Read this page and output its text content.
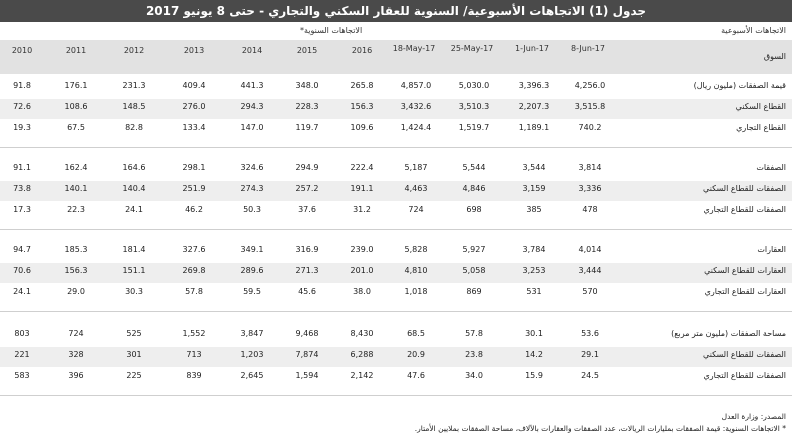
جدول (1) الاتجاهات الأسبوعية/ السنوية للعقار السكني والتجاري - حتى 8 يونيو 2017
الاتجاهات السنوية*	الاتجاهات الأسبوعية
السوق
2010	2011	2012	2013	2014	2015	2016	18-May-17 25-May-17	1-Jun-17	8-Jun-17
91.8	176.1	231.3	409.4	441.3	348.0	265.8	4,857.0	5,030.0	3,396.3	4,256.0	قيمة الصفقات (مليون ريال)
72.6	108.6	148.5	276.0	294.3	228.3	156.3	3,432.6	3,510.3	2,207.3	3,515.8	القطاع السكني
19.3	67.5	82.8	133.4	147.0	119.7	109.6	1,424.4	1,519.7	1,189.1	740.2	القطاع التجاري
91.1	162.4	164.6	298.1	324.6	294.9	222.4	5,187	5,544	3,544	3,814	الصفقات
73.8	140.1	140.4	251.9	274.3	257.2	191.1	4,463	4,846	3,159	3,336	الصفقات للقطاع السكني
17.3	22.3	24.1	46.2	50.3	37.6	31.2	724	698	385	478	الصفقات للقطاع التجاري
94.7	185.3	181.4	327.6	349.1	316.9	239.0	5,828	5,927	3,784	4,014	العقارات
70.6	156.3	151.1	269.8	289.6	271.3	201.0	4,810	5,058	3,253	3,444	العقارات للقطاع السكني
24.1	29.0	30.3	57.8	59.5	45.6	38.0	1,018	869	531	570	العقارات للقطاع التجاري
803	724	525	1,552	3,847	9,468	8,430	68.5	57.8	30.1	53.6	مساحة الصفقات (مليون متر مربع)
221	328	301	713	1,203	7,874	6,288	20.9	23.8	14.2	29.1	الصفقات للقطاع السكني
583	396	225	839	2,645	1,594	2,142	47.6	34.0	15.9	24.5	الصفقات للقطاع التجاري
المصدر: وزارة العدل
* الاتجاهات السنوية: قيمة الصفقات بمليارات الريالات، عدد الصفقات والعقارات بالآلاف، مساحة الصفقات بملايين الأمتار.
